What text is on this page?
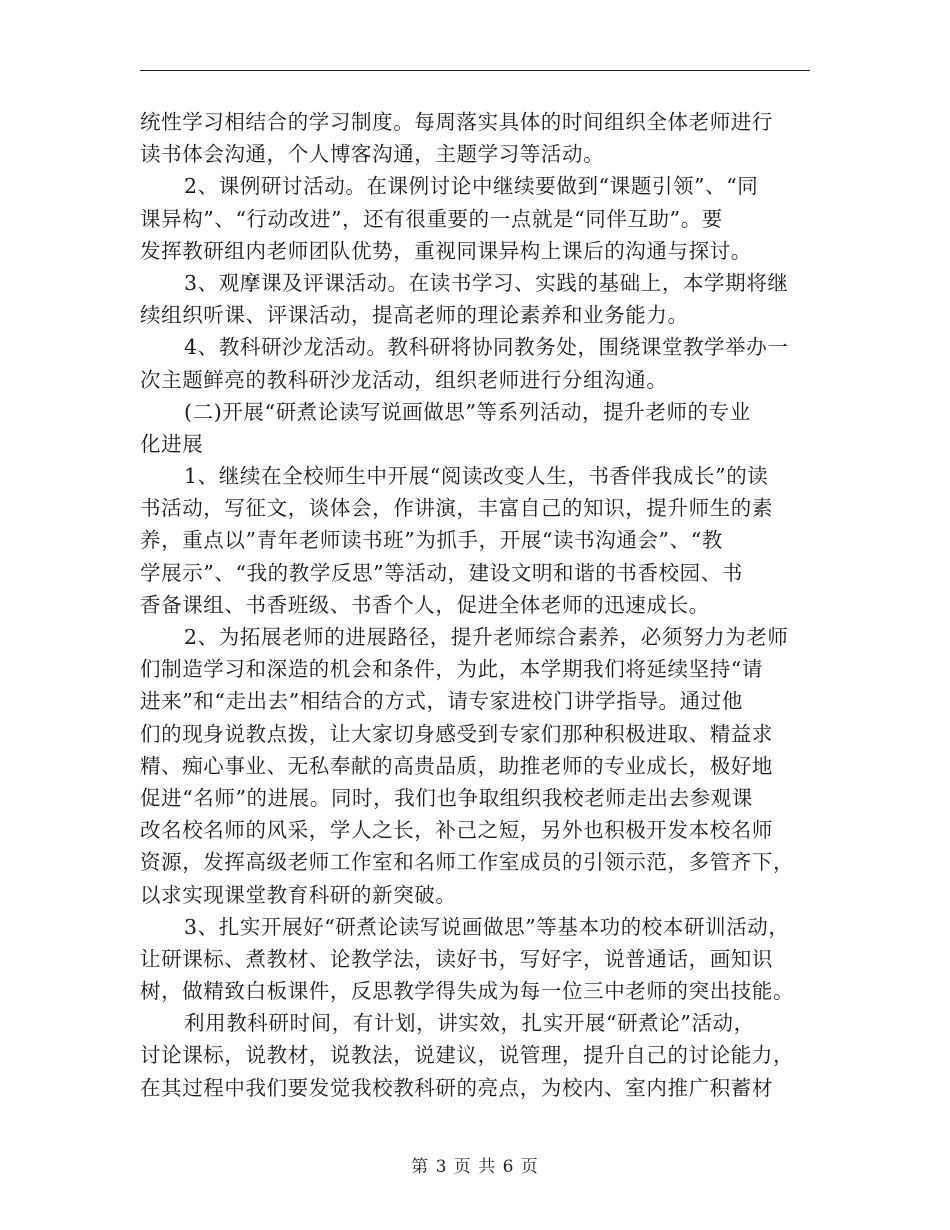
统性学习相结合的学习制度。每周落实具体的时间组织全体老师进行
读书体会沟通，个人博客沟通，主题学习等活动。
2、课例研讨活动。在课例讨论中继续要做到“课题引领”、“同
课异构”、“行动改进”，还有很重要的一点就是“同伴互助”。要
发挥教研组内老师团队优势，重视同课异构上课后的沟通与探讨。
3、观摩课及评课活动。在读书学习、实践的基础上，本学期将继
续组织听课、评课活动，提高老师的理论素养和业务能力。
4、教科研沙龙活动。教科研将协同教务处，围绕课堂教学举办一
次主题鲜亮的教科研沙龙活动，组织老师进行分组沟通。
(二)开展“研煮论读写说画做思”等系列活动，提升老师的专业
化进展
1、继续在全校师生中开展“阅读改变人生，书香伴我成长”的读
书活动，写征文，谈体会，作讲演，丰富自己的知识，提升师生的素
养，重点以”青年老师读书班”为抓手，开展“读书沟通会”、“教
学展示”、“我的教学反思”等活动，建设文明和谐的书香校园、书
香备课组、书香班级、书香个人，促进全体老师的迅速成长。
2、为拓展老师的进展路径，提升老师综合素养，必须努力为老师
们制造学习和深造的机会和条件，为此，本学期我们将延续坚持“请
进来”和“走出去”相结合的方式，请专家进校门讲学指导。通过他
们的现身说教点拨，让大家切身感受到专家们那种积极进取、精益求
精、痴心事业、无私奉献的高贵品质，助推老师的专业成长，极好地
促进“名师”的进展。同时，我们也争取组织我校老师走出去参观课
改名校名师的风采，学人之长，补己之短，另外也积极开发本校名师
资源，发挥高级老师工作室和名师工作室成员的引领示范，多管齐下，
以求实现课堂教育科研的新突破。
3、扎实开展好“研煮论读写说画做思”等基本功的校本研训活动，
让研课标、煮教材、论教学法，读好书，写好字，说普通话，画知识
树，做精致白板课件，反思教学得失成为每一位三中老师的突出技能。
利用教科研时间，有计划，讲实效，扎实开展“研煮论”活动，
讨论课标，说教材，说教法，说建议，说管理，提升自己的讨论能力，
在其过程中我们要发觉我校教科研的亮点，为校内、室内推广积蓄材
第 3 页 共 6 页
